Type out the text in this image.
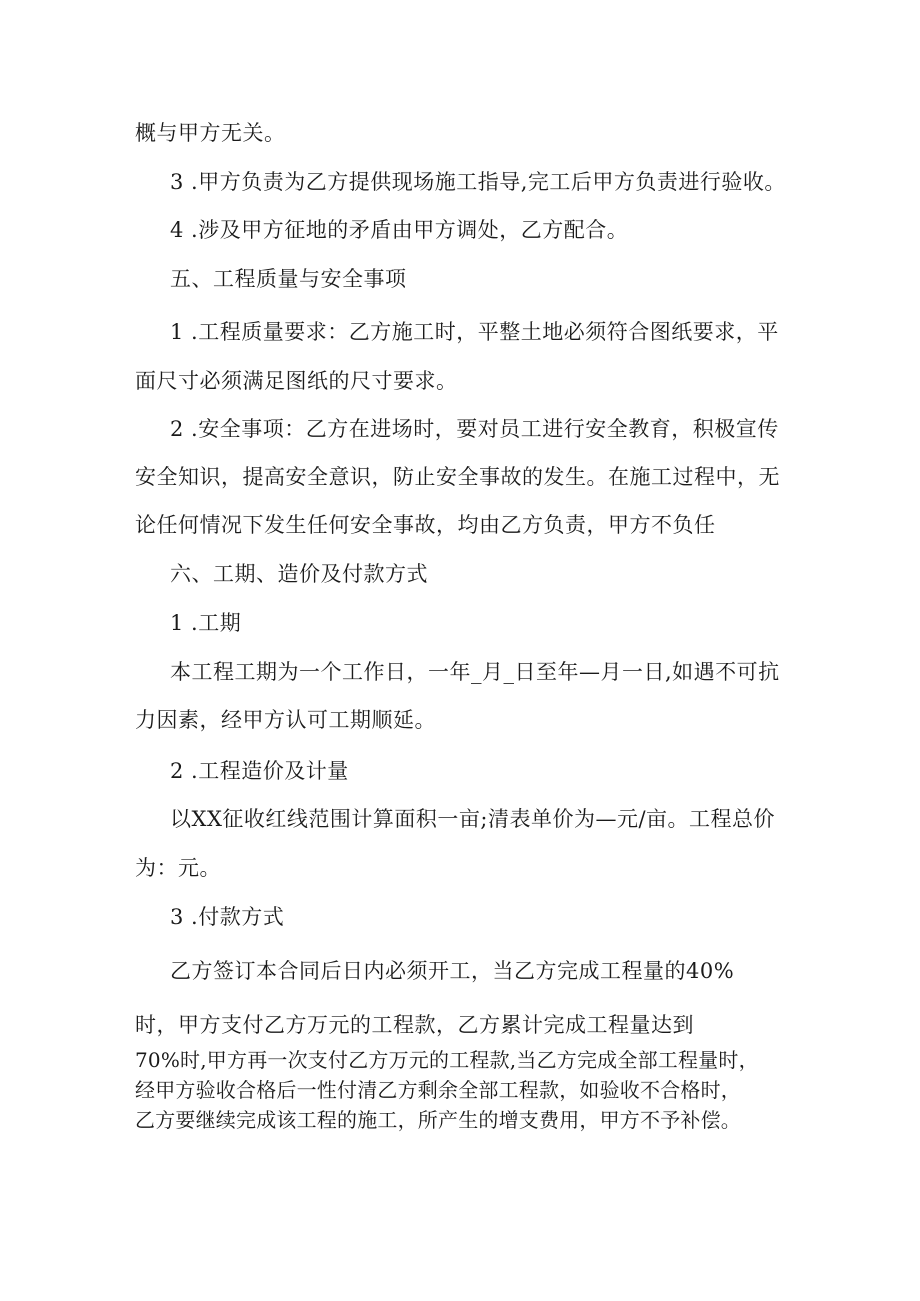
概与甲方无关。
3 .甲方负责为乙方提供现场施工指导,完工后甲方负责进行验收。
4 .涉及甲方征地的矛盾由甲方调处，乙方配合。
五、工程质量与安全事项
1 .工程质量要求：乙方施工时，平整土地必须符合图纸要求，平
面尺寸必须满足图纸的尺寸要求。
2 .安全事项：乙方在进场时，要对员工进行安全教育，积极宣传
安全知识，提高安全意识，防止安全事故的发生。在施工过程中，无
论任何情况下发生任何安全事故，均由乙方负责，甲方不负任
六、工期、造价及付款方式
1 .工期
本工程工期为一个工作日，一年_月_日至年—月一日,如遇不可抗
力因素，经甲方认可工期顺延。
2 .工程造价及计量
以XX征收红线范围计算面积一亩;清表单价为—元/亩。工程总价
为：元。
3 .付款方式
乙方签订本合同后日内必须开工，当乙方完成工程量的40%
时，甲方支付乙方万元的工程款，乙方累计完成工程量达到
70%时,甲方再一次支付乙方万元的工程款,当乙方完成全部工程量时，
经甲方验收合格后一性付清乙方剩余全部工程款，如验收不合格时，
乙方要继续完成该工程的施工，所产生的增支费用，甲方不予补偿。
